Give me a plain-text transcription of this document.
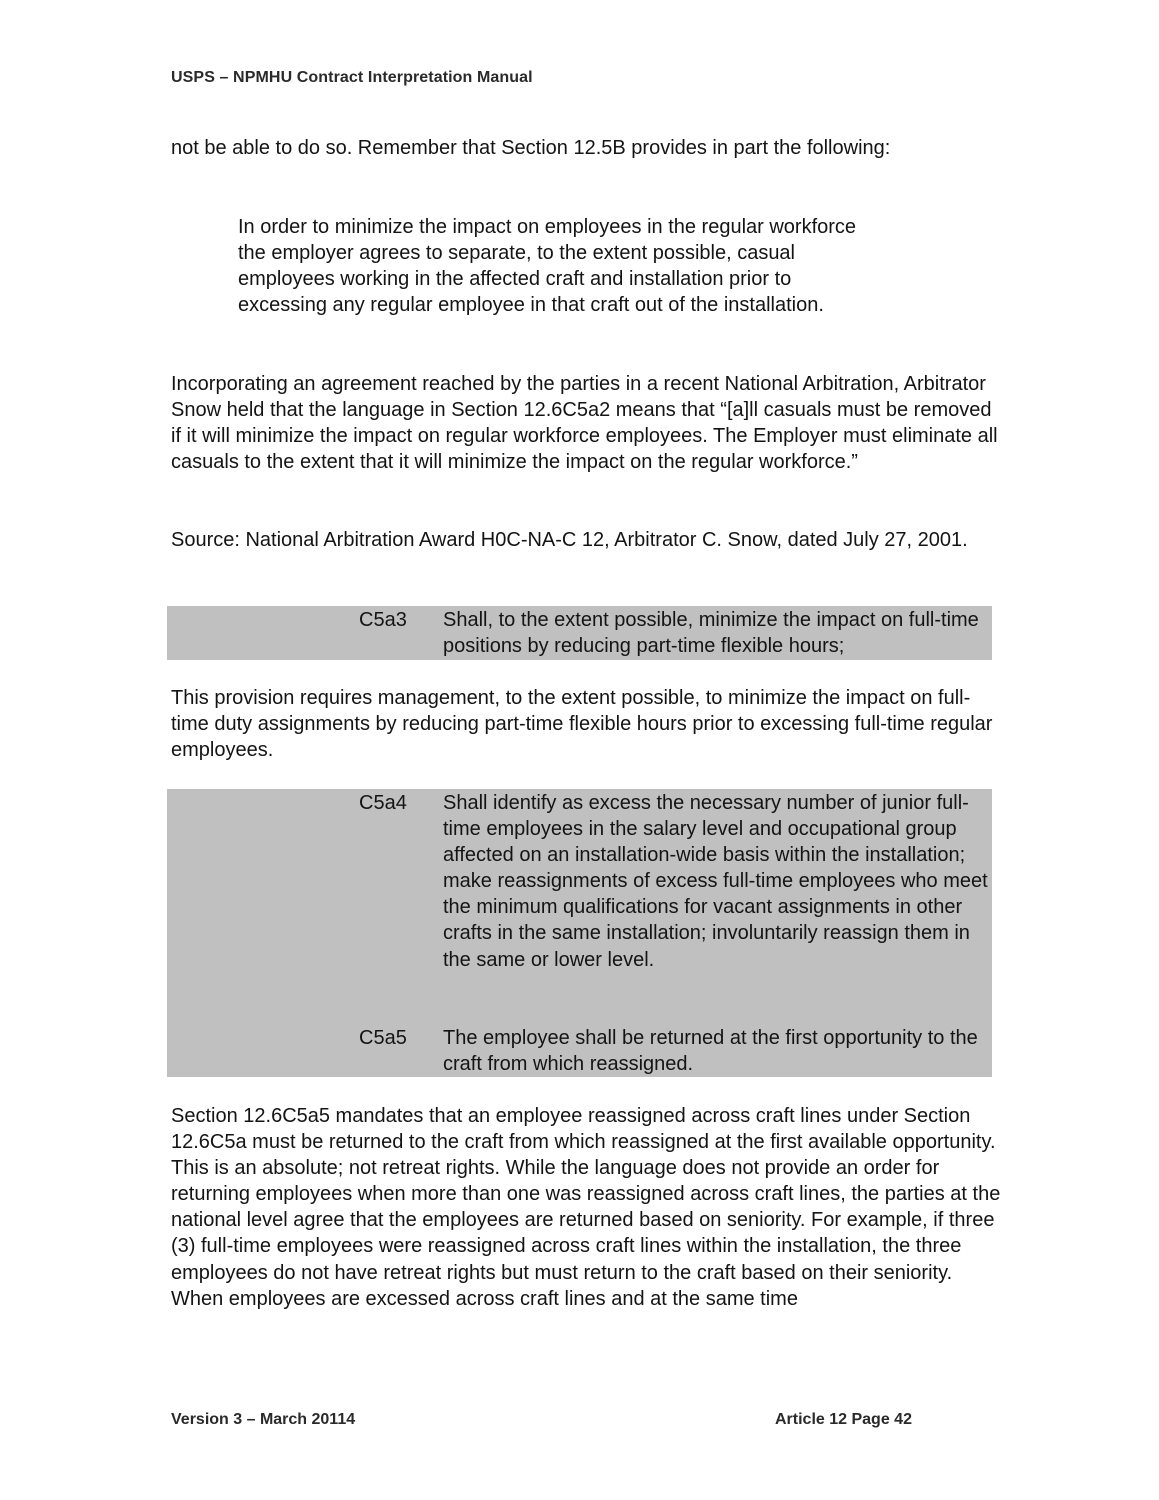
USPS – NPMHU Contract Interpretation Manual

not be able to do so. Remember that Section 12.5B provides in part the following:

In order to minimize the impact on employees in the regular workforce the employer agrees to separate, to the extent possible, casual employees working in the affected craft and installation prior to excessing any regular employee in that craft out of the installation.

Incorporating an agreement reached by the parties in a recent National Arbitration, Arbitrator Snow held that the language in Section 12.6C5a2 means that “[a]ll casuals must be removed if it will minimize the impact on regular workforce employees. The Employer must eliminate all casuals to the extent that it will minimize the impact on the regular workforce.”

Source: National Arbitration Award H0C-NA-C 12, Arbitrator C. Snow, dated July 27, 2001.

C5a3	Shall, to the extent possible, minimize the impact on full-time positions by reducing part-time flexible hours;

This provision requires management, to the extent possible, to minimize the impact on full-time duty assignments by reducing part-time flexible hours prior to excessing full-time regular employees.

C5a4	Shall identify as excess the necessary number of junior full-time employees in the salary level and occupational group affected on an installation-wide basis within the installation; make reassignments of excess full-time employees who meet the minimum qualifications for vacant assignments in other crafts in the same installation; involuntarily reassign them in the same or lower level.
C5a5	The employee shall be returned at the first opportunity to the craft from which reassigned.

Section 12.6C5a5 mandates that an employee reassigned across craft lines under Section 12.6C5a must be returned to the craft from which reassigned at the first available opportunity. This is an absolute; not retreat rights. While the language does not provide an order for returning employees when more than one was reassigned across craft lines, the parties at the national level agree that the employees are returned based on seniority. For example, if three (3) full-time employees were reassigned across craft lines within the installation, the three employees do not have retreat rights but must return to the craft based on their seniority. When employees are excessed across craft lines and at the same time

Version 3 – March 20114	Article 12 Page 42
